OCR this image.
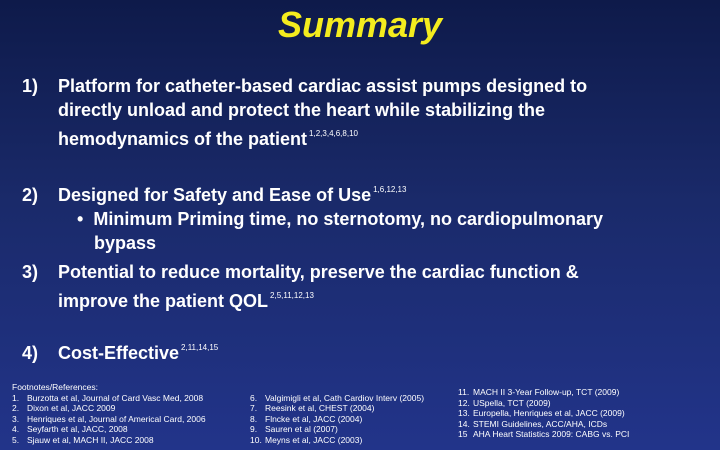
Summary
1) Platform for catheter-based cardiac assist pumps designed to
directly unload and protect the heart while stabilizing the
hemodynamics of the patient $^{1,2,3,4,6,8,10}$
2) Designed for Safety and Ease of Use $^{1,6,12,13}$
• Minimum Priming time, no sternotomy, no cardiopulmonary
bypass
3) Potential to reduce mortality, preserve the cardiac function &
improve the patient QOL $^{2,5,11,12,13}$
4) Cost-Effective $^{2,11,14,15}$
Footnotes/References:
1. Burzotta et al, Journal of Card Vasc Med, 2008
2. Dixon et al, JACC 2009
3. Henriques et al, Journal of Americal Card, 2006
4. Seyfarth et al, JACC, 2008
5. Sjauw et al, MACH II, JACC 2008
6. Valgimigli et al, Cath Cardiov Interv (2005)
7. Reesink et al, CHEST (2004)
8. Flncke et al, JACC (2004)
9. Sauren et al (2007)
10. Meyns et al, JACC (2003)
11. MACH II 3-Year Follow-up, TCT (2009)
12. USpella, TCT (2009)
13. Europella, Henriques et al, JACC (2009)
14. STEMI Guidelines, ACC/AHA, ICDs
15 AHA Heart Statistics 2009: CABG vs. PCI
